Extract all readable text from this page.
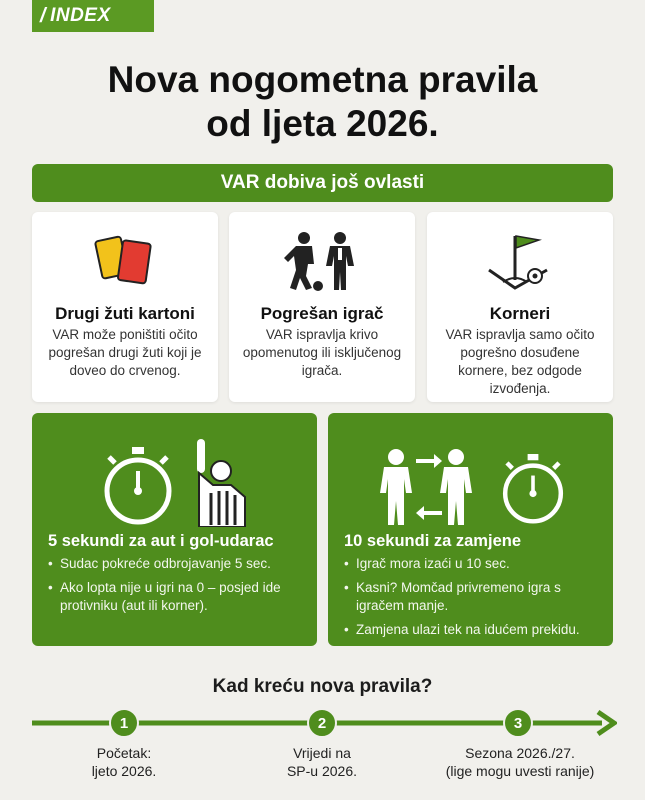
/ INDEX
Nova nogometna pravila
od ljeta 2026.
VAR dobiva još ovlasti
Drugi žuti kartoni

VAR može poništiti očito pogrešan drugi žuti koji je doveo do crvenog.

Pogrešan igrač

VAR ispravlja krivo opomenutog ili isključenog igrača.

Korneri

VAR ispravlja samo očito pogrešno dosuđene kornere, bez odgode izvođenja.

5 sekundi za aut i gol-udarac
• Sudac pokreće odbrojavanje 5 sec.
• Ako lopta nije u igri na 0 – posjed ide protivniku (aut ili korner).
10 sekundi za zamjene
• Igrač mora izaći u 10 sec.
• Kasni? Momčad privremeno igra s igračem manje.
• Zamjena ulazi tek na idućem prekidu.
Kad kreću nova pravila?
1	2	3
Početak:
ljeto 2026.
Vrijedi na
SP-u 2026.
Sezona 2026./27.
(lige mogu uvesti ranije)
